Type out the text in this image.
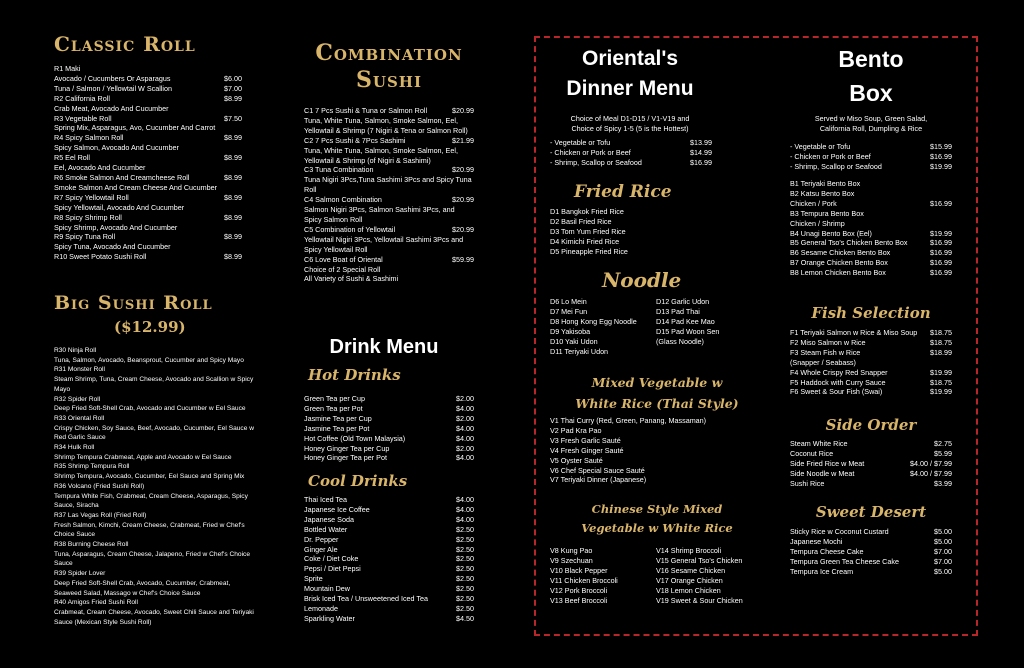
Classic Roll
R1 Maki
Avocado / Cucumbers Or Asparagus	$6.00
Tuna / Salmon / Yellowtail W Scallion	$7.00
R2 California Roll	$8.99
Crab Meat, Avocado And Cucumber
R3 Vegetable Roll	$7.50
Spring Mix, Asparagus, Avo, Cucumber And Carrot
R4 Spicy Salmon Roll	$8.99
Spicy Salmon, Avocado And Cucumber
R5 Eel Roll	$8.99
Eel, Avocado And Cucumber
R6 Smoke Salmon And Creamcheese Roll	$8.99
Smoke Salmon And Cream Cheese And Cucumber
R7 Spicy Yellowtail Roll	$8.99
Spicy Yellowtail, Avocado And Cucumber
R8 Spicy Shrimp Roll	$8.99
Spicy Shrimp, Avocado And Cucumber
R9 Spicy Tuna Roll	$8.99
Spicy Tuna, Avocado And Cucumber
R10 Sweet Potato Sushi Roll	$8.99
Big Sushi Roll
($12.99)
R30 Ninja Roll
Tuna, Salmon, Avocado, Beansprout, Cucumber and Spicy Mayo
R31 Monster Roll
Steam Shrimp, Tuna, Cream Cheese, Avocado and Scallion w Spicy Mayo
R32 Spider Roll
Deep Fried Soft-Shell Crab, Avocado and Cucumber w Eel Sauce
R33 Oriental Roll
Crispy Chicken, Soy Sauce, Beef, Avocado, Cucumber, Eel Sauce w Red Garlic Sauce
R34 Hulk Roll
Shrimp Tempura Crabmeat, Apple and Avocado w Eel Sauce
R35 Shrimp Tempura Roll
Shrimp Tempura, Avocado, Cucumber, Eel Sauce and Spring Mix
R36 Volcano (Fried Sushi Roll)
Tempura White Fish, Crabmeat, Cream Cheese, Asparagus, Spicy Sauce, Siracha
R37 Las Vegas Roll (Fried Roll)
Fresh Salmon, Kimchi, Cream Cheese, Crabmeat, Fried w Chef's Choice Sauce
R38 Burning Cheese Roll
Tuna, Asparagus, Cream Cheese, Jalapeno, Fried w Chef's Choice Sauce
R39 Spider Lover
Deep Fried Soft-Shell Crab, Avocado, Cucumber, Crabmeat, Seaweed Salad, Massago w Chef's Choice Sauce
R40 Amigos Fried Sushi Roll
Crabmeat, Cream Cheese, Avocado, Sweet Chili Sauce and Teriyaki Sauce (Mexican Style Sushi Roll)
Combination
Sushi
C1 7 Pcs Sushi & Tuna or Salmon Roll	$20.99
Tuna, White Tuna, Salmon, Smoke Salmon, Eel, Yellowtail & Shrimp (7 Nigiri & Tena or Salmon Roll)
C2 7 Pcs Sushi & 7Pcs Sashimi	$21.99
Tuna, White Tuna, Salmon, Smoke Salmon, Eel, Yellowtail & Shrimp (of Nigiri & Sashimi)
C3 Tuna Combination	$20.99
Tuna Nigiri 3Pcs,Tuna Sashimi 3Pcs and Spicy Tuna Roll
C4 Salmon Combination	$20.99
Salmon Nigiri 3Pcs, Salmon Sashimi 3Pcs, and Spicy Salmon Roll
C5 Combination of Yellowtail	$20.99
Yellowtail Nigiri 3Pcs, Yellowtail Sashimi 3Pcs and Spicy Yellowtail Roll
C6 Love Boat of Oriental	$59.99
Choice of 2 Special Roll
All Variety of Sushi & Sashimi
Drink Menu
Hot Drinks
Green Tea per Cup	$2.00
Green Tea per Pot	$4.00
Jasmine Tea per Cup	$2.00
Jasmine Tea per Pot	$4.00
Hot Coffee (Old Town Malaysia)	$4.00
Honey Ginger Tea per Cup	$2.00
Honey Ginger Tea per Pot	$4.00
Cool Drinks
Thai Iced Tea	$4.00
Japanese Ice Coffee	$4.00
Japanese Soda	$4.00
Bottled Water	$2.50
Dr. Pepper	$2.50
Ginger Ale	$2.50
Coke / Diet Coke	$2.50
Pepsi / Diet Pepsi	$2.50
Sprite	$2.50
Mountain Dew	$2.50
Brisk Iced Tea / Unsweetened Iced Tea	$2.50
Lemonade	$2.50
Sparkling Water	$4.50
Oriental's
Dinner Menu
Choice of Meal D1-D15 / V1-V19 and
Choice of Spicy 1-5 (5 is the Hottest)
- Vegetable or Tofu	$13.99
- Chicken or Pork or Beef	$14.99
- Shrimp, Scallop or Seafood	$16.99
Fried Rice
D1 Bangkok Fried Rice
D2 Basil Fried Rice
D3 Tom Yum Fried Rice
D4 Kimichi Fried Rice
D5 Pineapple Fried Rice
Noodle
D6 Lo Mein
D7 Mei Fun
D8 Hong Kong Egg Noodle
D9 Yakisoba
D10 Yaki Udon
D11 Teriyaki Udon
D12 Garlic Udon
D13 Pad Thai
D14 Pad Kee Mao
D15 Pad Woon Sen
(Glass Noodle)
Mixed Vegetable w
White Rice (Thai Style)
V1 Thai Curry (Red, Green, Panang, Massaman)
V2 Pad Kra Pao
V3 Fresh Garlic Sauté
V4 Fresh Ginger Sauté
V5 Oyster Sauté
V6 Chef Special Sauce Sauté
V7 Teriyaki Dinner (Japanese)
Chinese Style Mixed
Vegetable w White Rice
V8 Kung Pao
V9 Szechuan
V10 Black Pepper
V11 Chicken Broccoli
V12 Pork Broccoli
V13 Beef Broccoli
V14 Shrimp Broccoli
V15 General Tso's Chicken
V16 Sesame Chicken
V17 Orange Chicken
V18 Lemon Chicken
V19 Sweet & Sour Chicken
Bento
Box
Served w Miso Soup, Green Salad,
California Roll, Dumpling & Rice
- Vegetable or Tofu	$15.99
- Chicken or Pork or Beef	$16.99
- Shrimp, Scallop or Seafood	$19.99
B1 Teriyaki Bento Box
B2 Katsu Bento Box
Chicken / Pork	$16.99
B3 Tempura Bento Box
Chicken / Shrimp
B4 Unagi Bento Box (Eel)	$19.99
B5 General Tso's Chicken Bento Box	$16.99
B6 Sesame Chicken Bento Box	$16.99
B7 Orange Chicken Bento Box	$16.99
B8 Lemon Chicken Bento Box	$16.99
Fish Selection
F1 Teriyaki Salmon w Rice & Miso Soup $18.75
F2 Miso Salmon w Rice	$18.75
F3 Steam Fish w Rice	$18.99
(Snapper / Seabass)
F4 Whole Crispy Red Snapper	$19.99
F5 Haddock with Curry Sauce	$18.75
F6 Sweet & Sour Fish (Swai)	$19.99
Side Order
Steam White Rice	$2.75
Coconut Rice	$5.99
Side Fried Rice w Meat	$4.00 / $7.99
Side Noodle w Meat	$4.00 / $7.99
Sushi Rice	$3.99
Sweet Desert
Sticky Rice w Coconut Custard	$5.00
Japanese Mochi	$5.00
Tempura Cheese Cake	$7.00
Tempura Green Tea Cheese Cake	$7.00
Tempura Ice Cream	$5.00
